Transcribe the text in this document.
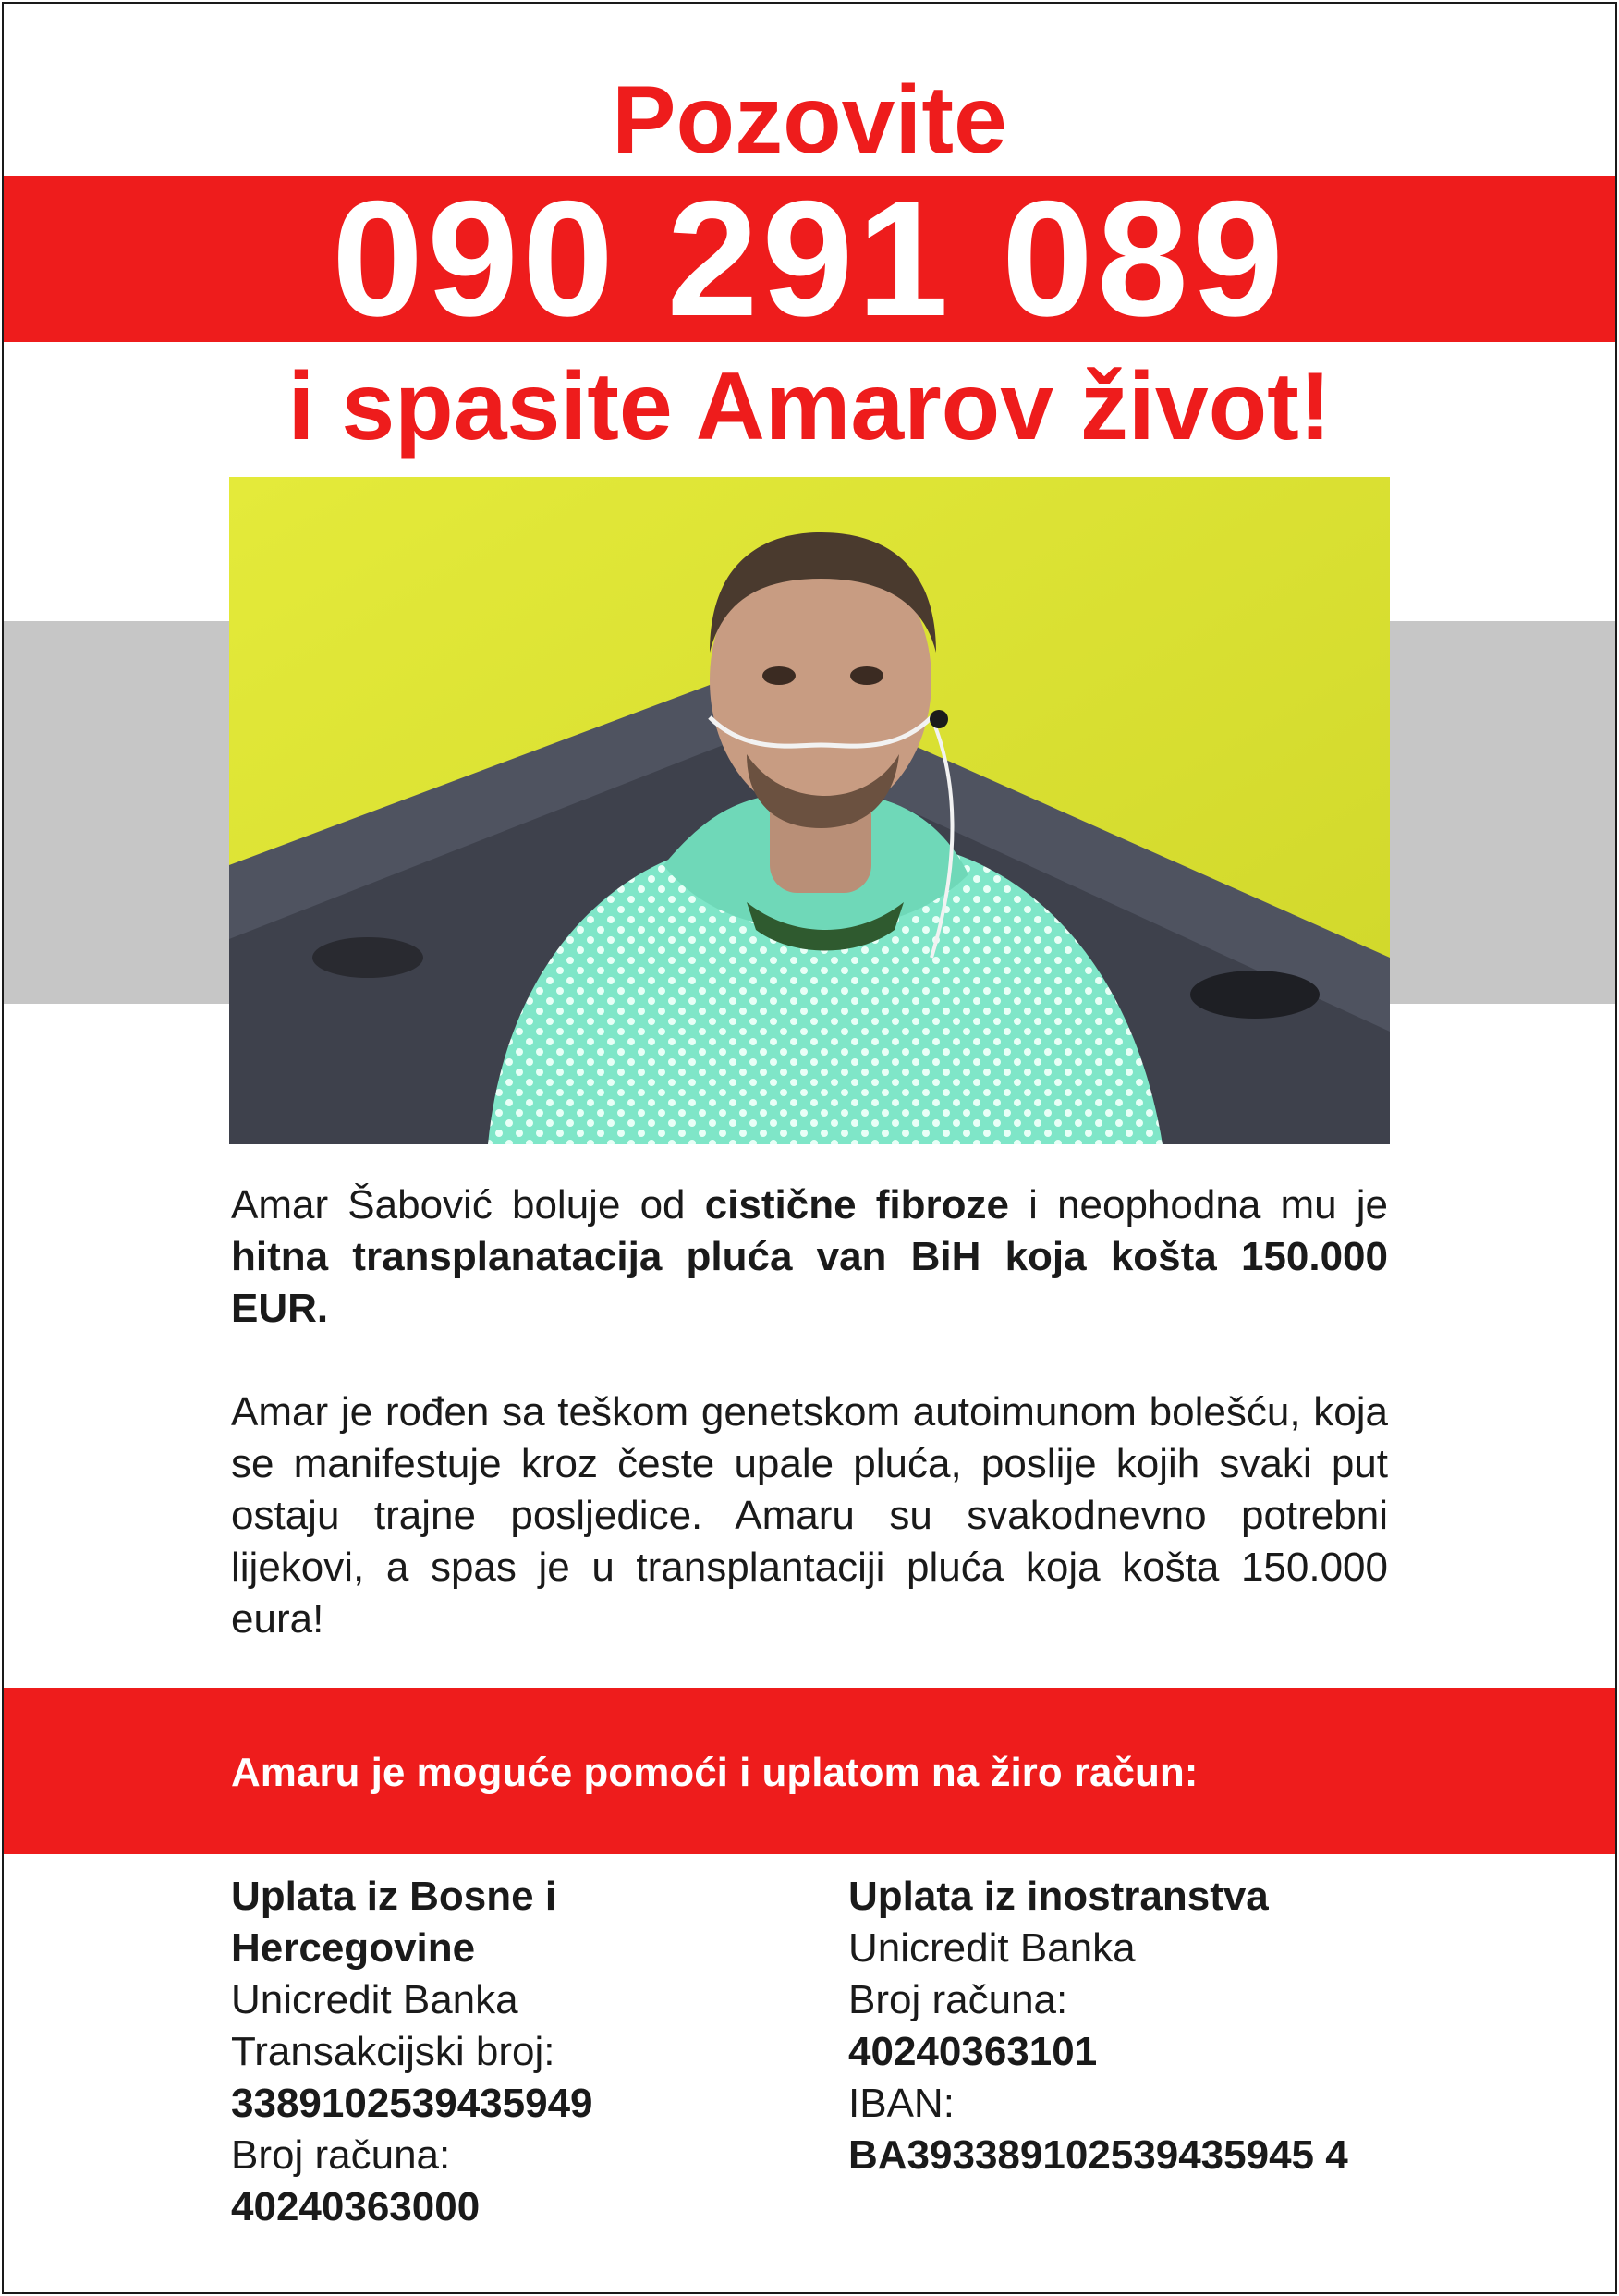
Pozovite
090 291 089
i spasite Amarov život!
Amar Šabović boluje od cistične fibroze i neophodna mu je hitna transplanatacija pluća van BiH koja košta 150.000 EUR.
Amar je rođen sa teškom genetskom autoimunom bolešću, koja se manifestuje kroz česte upale pluća, poslije kojih svaki put ostaju trajne posljedice. Amaru su svakodnevno potrebni lijekovi, a spas je u transplantaciji pluća koja košta 150.000 eura!
Amaru je moguće pomoći i uplatom na žiro račun:
Uplata iz Bosne i
Hercegovine
Unicredit Banka
Transakcijski broj:
3389102539435949
Broj računa:
40240363000
Uplata iz inostranstva
Unicredit Banka
Broj računa:
40240363101
IBAN:
BA393389102539435945 4
